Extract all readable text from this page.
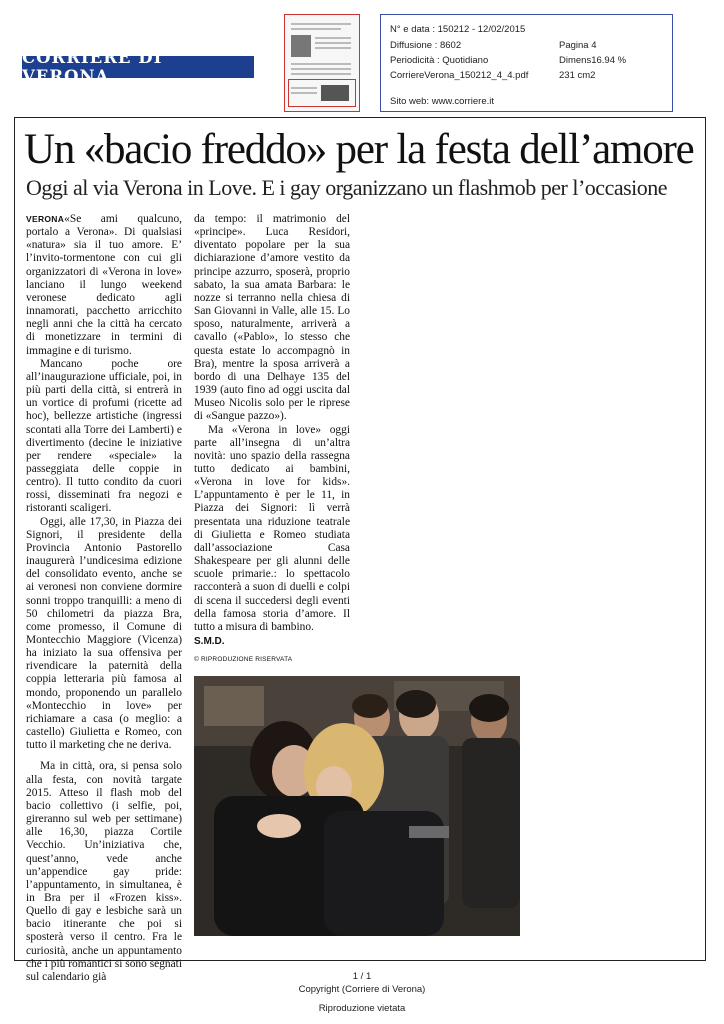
CORRIERE DI VERONA
N° e data : 150212 - 12/02/2015
Diffusione : 8602	Pagina 4
Periodicità : Quotidiano	Dimens16.94 %
CorriereVerona_150212_4_4.pdf	231 cm2
Sito web: www.corriere.it
Un «bacio freddo» per la festa dell’amore
Oggi al via Verona in Love. E i gay organizzano un flashmob per l’occasione

VERONA«Se ami qualcuno, portalo a Verona». Di qualsiasi «natura» sia il tuo amore. E’ l’invito-tormentone con cui gli organizzatori di «Verona in love» lanciano il lungo weekend veronese dedicato agli innamorati, pacchetto arricchito negli anni che la città ha cercato di monetizzare in termini di immagine e di turismo.

Mancano poche ore all’inaugurazione ufficiale, poi, in più parti della città, si entrerà in un vortice di profumi (ricette ad hoc), bellezze artistiche (ingressi scontati alla Torre dei Lamberti) e divertimento (decine le iniziative per rendere «speciale» la passeggiata delle coppie in centro). Il tutto condito da cuori rossi, disseminati fra negozi e ristoranti scaligeri.

Oggi, alle 17,30, in Piazza dei Signori, il presidente della Provincia Antonio Pastorello inaugurerà l’undicesima edizione del consolidato evento, anche se ai veronesi non conviene dormire sonni troppo tranquilli: a meno di 50 chilometri da piazza Bra, come promesso, il Comune di Montecchio Maggiore (Vicenza) ha iniziato la sua offensiva per rivendicare la paternità della coppia letteraria più famosa al mondo, proponendo un parallelo «Montecchio in love» per richiamare a casa (o meglio: a castello) Giulietta e Romeo, con tutto il marketing che ne deriva.

Ma in città, ora, si pensa solo alla festa, con novità targate 2015. Atteso il flash mob del bacio collettivo (i selfie, poi, gireranno sul web per settimane) alle 16,30, piazza Cortile Vecchio. Un’iniziativa che, quest’anno, vede anche un’appendice gay pride: l’appuntamento, in simultanea, è in Bra per il «Frozen kiss». Quello di gay e lesbiche sarà un bacio itinerante che poi si sposterà verso il centro. Fra le curiosità, anche un appuntamento che i più romantici si sono segnati sul calendario già

da tempo: il matrimonio del «principe». Luca Residori, diventato popolare per la sua dichiarazione d’amore vestito da principe azzurro, sposerà, proprio sabato, la sua amata Barbara: le nozze si terranno nella chiesa di San Giovanni in Valle, alle 15. Lo sposo, naturalmente, arriverà a cavallo («Pablo», lo stesso che questa estate lo accompagnò in Bra), mentre la sposa arriverà a bordo di una Delhaye 135 del 1939 (auto fino ad oggi uscita dal Museo Nicolis solo per le riprese di «Sangue pazzo»).

Ma «Verona in love» oggi parte all’insegna di un’altra novità: uno spazio della rassegna tutto dedicato ai bambini, «Verona in love for kids». L’appuntamento è per le 11, in Piazza dei Signori: lì verrà presentata una riduzione teatrale di Giulietta e Romeo studiata dall’associazione Casa Shakespeare per gli alunni delle scuole primarie.: lo spettacolo racconterà a suon di duelli e colpi di scena il succedersi degli eventi della famosa storia d’amore. Il tutto a misura di bambino.

S.M.D.
© RIPRODUZIONE RISERVATA
1 / 1
Copyright (Corriere di Verona)
Riproduzione vietata
